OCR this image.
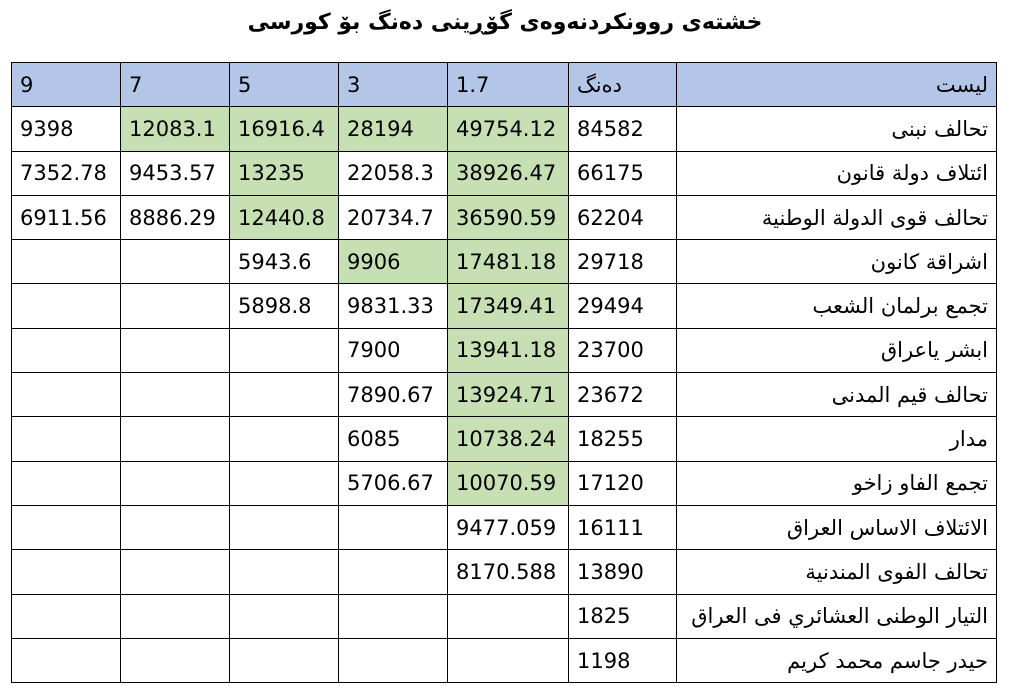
خشتەی روونکردنەوەی گۆڕینی دەنگ بۆ کورسی
لیست	دەنگ	1.7	3	5	7	9
تحالف نبنى	84582	49754.12	28194	16916.4	12083.1	9398
ائتلاف دولة قانون	66175	38926.47	22058.3	13235	9453.57	7352.78
تحالف قوى الدولة الوطنية	62204	36590.59	20734.7	12440.8	8886.29	6911.56
اشراقة كانون	29718	17481.18	9906	5943.6		
تجمع برلمان الشعب	29494	17349.41	9831.33	5898.8		
ابشر ياعراق	23700	13941.18	7900			
تحالف قيم المدنى	23672	13924.71	7890.67			
مدار	18255	10738.24	6085			
تجمع الفاو زاخو	17120	10070.59	5706.67			
الائتلاف الاساس العراق	16111	9477.059				
تحالف الفوى المندنية	13890	8170.588				
التيار الوطنى العشائري فى العراق	1825					
حيدر جاسم محمد كريم	1198					
